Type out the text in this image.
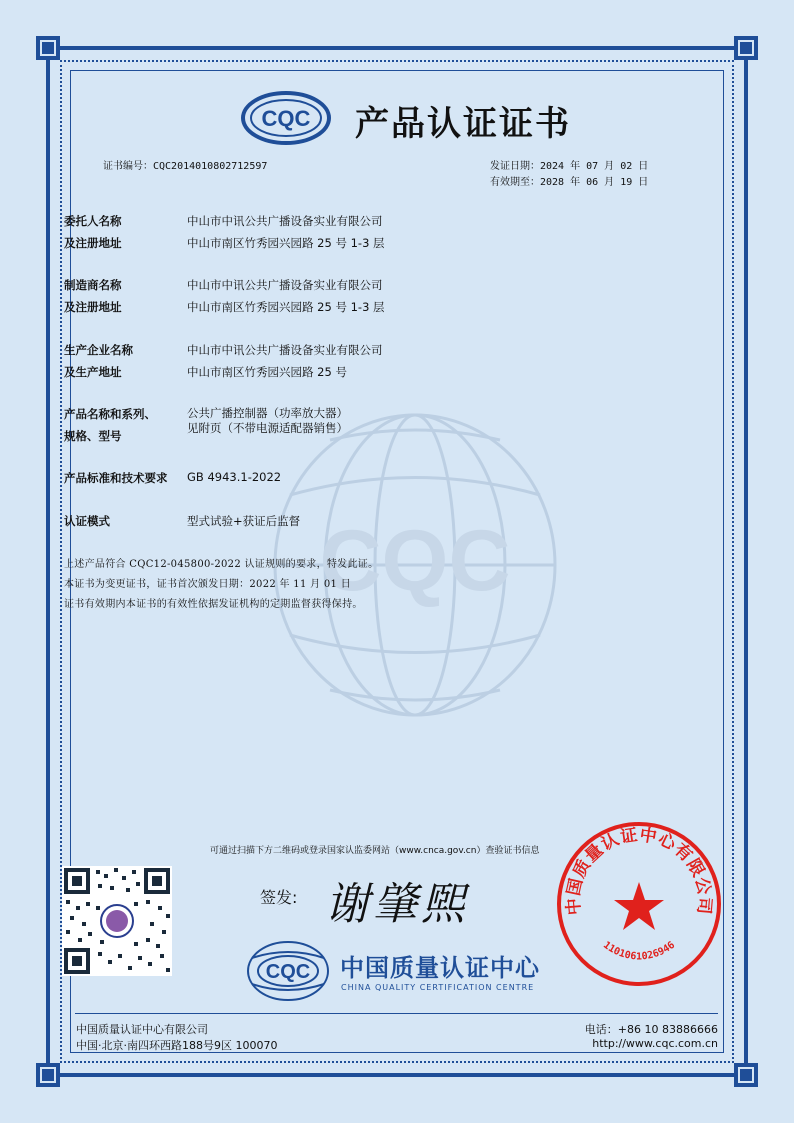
CQC
CQC 产品认证证书
证书编号：CQC2014010802712597	发证日期：2024 年 07 月 02 日
有效期至：2028 年 06 月 19 日
委托人名称
及注册地址
中山市中讯公共广播设备实业有限公司
中山市南区竹秀园兴园路 25 号 1-3 层
制造商名称
及注册地址
中山市中讯公共广播设备实业有限公司
中山市南区竹秀园兴园路 25 号 1-3 层
生产企业名称
及生产地址
中山市中讯公共广播设备实业有限公司
中山市南区竹秀园兴园路 25 号
产品名称和系列、
规格、型号
公共广播控制器（功率放大器）
见附页（不带电源适配器销售）
产品标准和技术要求 GB 4943.1-2022
认证模式	型式试验+获证后监督
上述产品符合 CQC12-045800-2022 认证规则的要求，特发此证。
本证书为变更证书，证书首次颁发日期：2022 年 11 月 01 日
证书有效期内本证书的有效性依据发证机构的定期监督获得保持。
可通过扫描下方二维码或登录国家认监委网站（www.cnca.gov.cn）查验证书信息
签发: 谢肇煕
CQC 中国质量认证中心
CHINA QUALITY CERTIFICATION CENTRE
中国质量认证中心有限公司
1101061026946
中国质量认证中心有限公司
中国·北京·南四环西路188号9区 100070
电话：+86 10 83886666
http://www.cqc.com.cn
